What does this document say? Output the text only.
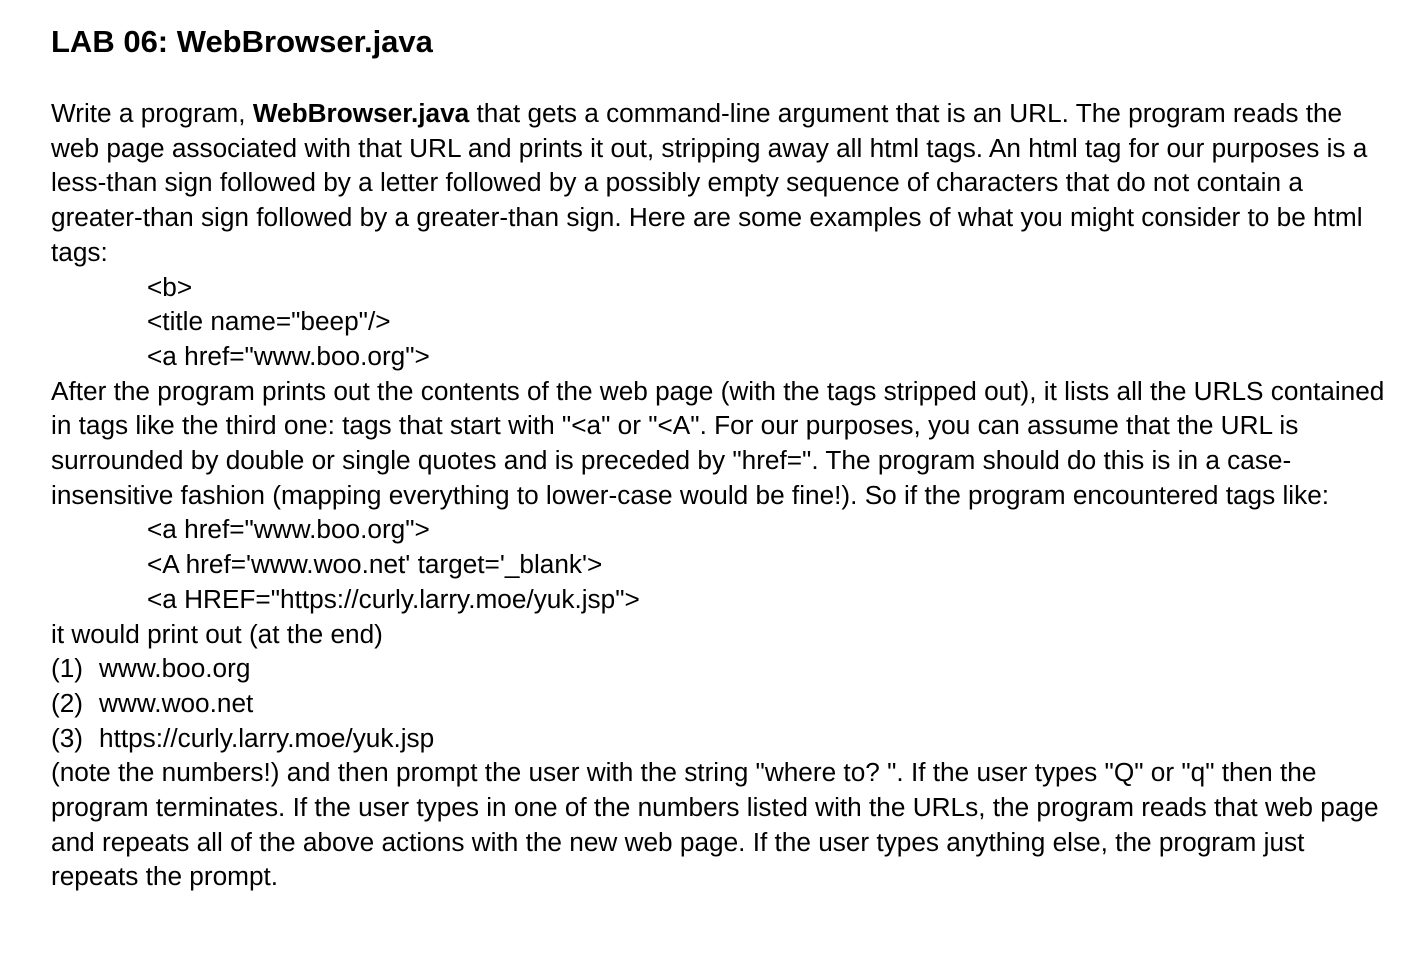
LAB 06: WebBrowser.java

Write a program, WebBrowser.java that gets a command-line argument that is an URL. The program reads the web page associated with that URL and prints it out, stripping away all html tags. An html tag for our purposes is a less-than sign followed by a letter followed by a possibly empty sequence of characters that do not contain a greater-than sign followed by a greater-than sign. Here are some examples of what you might consider to be html tags:

<b>
<title name="beep"/>
<a href="www.boo.org">

After the program prints out the contents of the web page (with the tags stripped out), it lists all the URLS contained in tags like the third one: tags that start with "<a" or "<A". For our purposes, you can assume that the URL is surrounded by double or single quotes and is preceded by "href=". The program should do this is in a case-insensitive fashion (mapping everything to lower-case would be fine!). So if the program encountered tags like:

<a href="www.boo.org">
<A href='www.woo.net' target='_blank'>
<a HREF="https://curly.larry.moe/yuk.jsp">

it would print out (at the end)

(1) www.boo.org
(2) www.woo.net
(3) https://curly.larry.moe/yuk.jsp

(note the numbers!) and then prompt the user with the string "where to? ". If the user types "Q" or "q" then the program terminates. If the user types in one of the numbers listed with the URLs, the program reads that web page and repeats all of the above actions with the new web page. If the user types anything else, the program just repeats the prompt.
